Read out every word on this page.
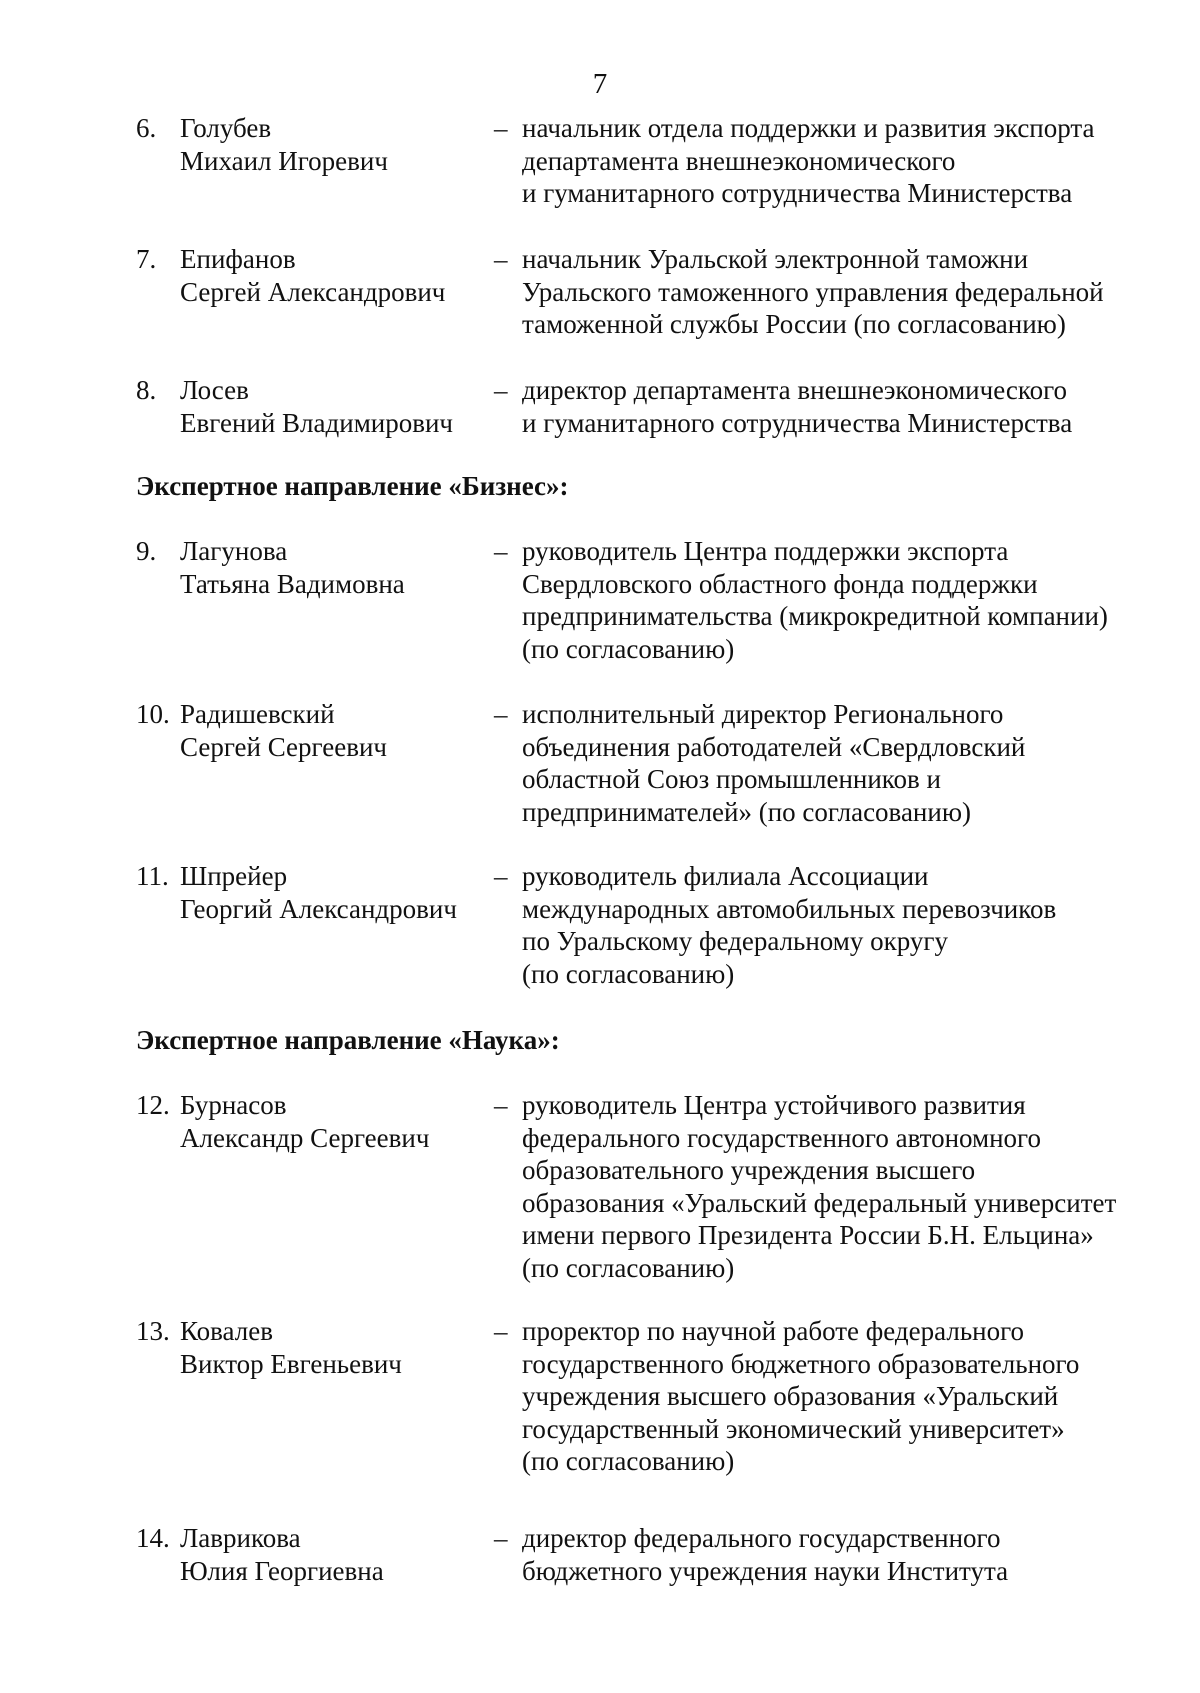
7
6. Голубев
Михаил Игоревич
– начальник отдела поддержки и развития экспорта
департамента внешнеэкономического
и гуманитарного сотрудничества Министерства
7. Епифанов
Сергей Александрович
– начальник Уральской электронной таможни
Уральского таможенного управления федеральной
таможенной службы России (по согласованию)
8. Лосев
Евгений Владимирович
– директор департамента внешнеэкономического
и гуманитарного сотрудничества Министерства
Экспертное направление «Бизнес»:
9. Лагунова
Татьяна Вадимовна
– руководитель Центра поддержки экспорта
Свердловского областного фонда поддержки
предпринимательства (микрокредитной компании)
(по согласованию)
10. Радишевский
Сергей Сергеевич
– исполнительный директор Регионального
объединения работодателей «Свердловский
областной Союз промышленников и
предпринимателей» (по согласованию)
11. Шпрейер
Георгий Александрович
– руководитель филиала Ассоциации
международных автомобильных перевозчиков
по Уральскому федеральному округу
(по согласованию)
Экспертное направление «Наука»:
12. Бурнасов
Александр Сергеевич
– руководитель Центра устойчивого развития
федерального государственного автономного
образовательного учреждения высшего
образования «Уральский федеральный университет
имени первого Президента России Б.Н. Ельцина»
(по согласованию)
13. Ковалев
Виктор Евгеньевич
– проректор по научной работе федерального
государственного бюджетного образовательного
учреждения высшего образования «Уральский
государственный экономический университет»
(по согласованию)
14. Лаврикова
Юлия Георгиевна
– директор федерального государственного
бюджетного учреждения науки Института
